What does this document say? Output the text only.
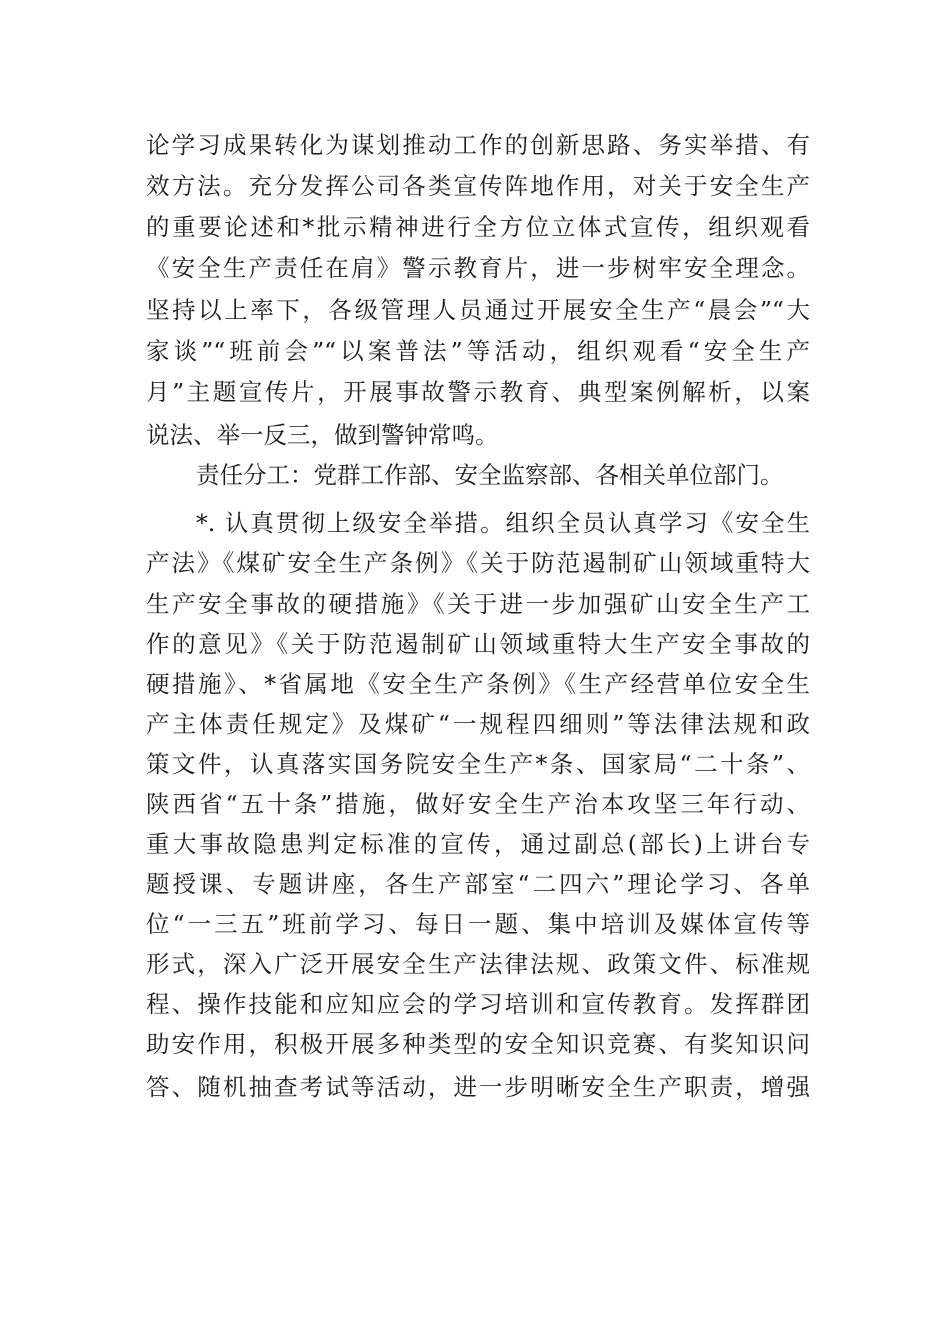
论学习成果转化为谋划推动工作的创新思路、务实举措、有
效方法。充分发挥公司各类宣传阵地作用，对关于安全生产
的重要论述和*批示精神进行全方位立体式宣传，组织观看
《安全生产责任在肩》警示教育片，进一步树牢安全理念。
坚持以上率下，各级管理人员通过开展安全生产“晨会”“大
家谈”“班前会”“以案普法”等活动，组织观看“安全生产
月”主题宣传片，开展事故警示教育、典型案例解析，以案
说法、举一反三，做到警钟常鸣。
责任分工：党群工作部、安全监察部、各相关单位部门。
*. 认真贯彻上级安全举措。组织全员认真学习《安全生
产法》《煤矿安全生产条例》《关于防范遏制矿山领域重特大
生产安全事故的硬措施》《关于进一步加强矿山安全生产工
作的意见》《关于防范遏制矿山领域重特大生产安全事故的
硬措施》、*省属地《安全生产条例》《生产经营单位安全生
产主体责任规定》及煤矿“一规程四细则”等法律法规和政
策文件，认真落实国务院安全生产*条、国家局“二十条”、
陕西省“五十条”措施，做好安全生产治本攻坚三年行动、
重大事故隐患判定标准的宣传，通过副总(部长)上讲台专
题授课、专题讲座，各生产部室“二四六”理论学习、各单
位“一三五”班前学习、每日一题、集中培训及媒体宣传等
形式，深入广泛开展安全生产法律法规、政策文件、标准规
程、操作技能和应知应会的学习培训和宣传教育。发挥群团
助安作用，积极开展多种类型的安全知识竞赛、有奖知识问
答、随机抽查考试等活动，进一步明晰安全生产职责，增强
